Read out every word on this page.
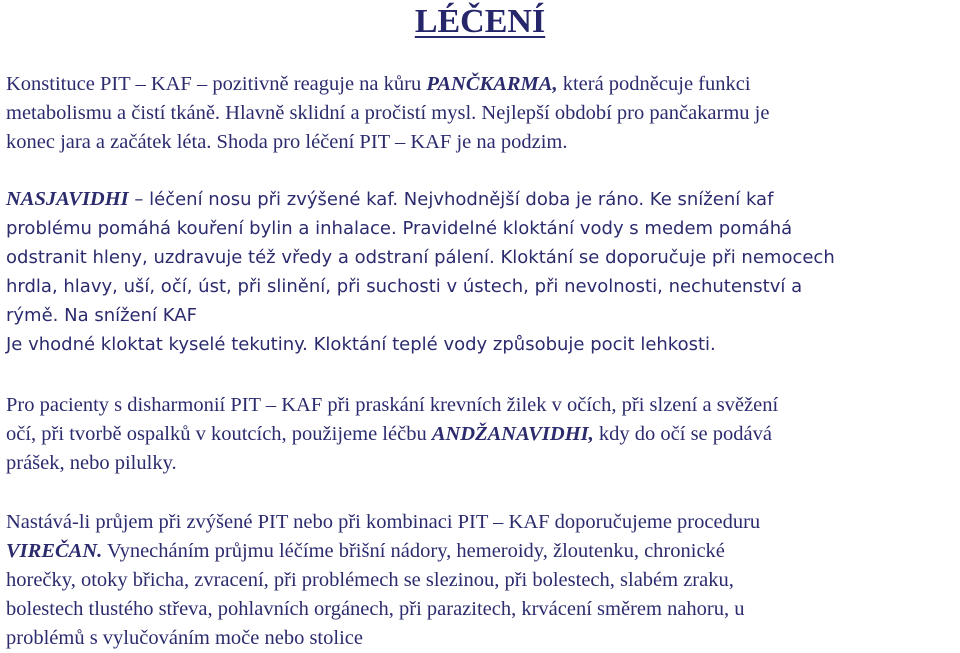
LÉČENÍ
Konstituce PIT – KAF – pozitivně reaguje na kůru PANČKARMA, která podněcuje funkci
metabolismu a čistí tkáně. Hlavně sklidní a pročistí mysl. Nejlepší období pro pančakarmu je
konec jara a začátek léta. Shoda pro léčení PIT – KAF je na podzim.
NASJAVIDHI – léčení nosu při zvýšené kaf. Nejvhodnější doba je ráno. Ke snížení kaf
problému pomáhá kouření bylin a inhalace. Pravidelné kloktání vody s medem pomáhá
odstranit hleny, uzdravuje též vředy a odstraní pálení. Kloktání se doporučuje při nemocech
hrdla, hlavy, uší, očí, úst, při slinění, při suchosti v ústech, při nevolnosti, nechutenství a
rýmě. Na snížení KAF
Je vhodné kloktat kyselé tekutiny. Kloktání teplé vody způsobuje pocit lehkosti.
Pro pacienty s disharmonií PIT – KAF při praskání krevních žilek v očích, při slzení a svěžení
očí, při tvorbě ospalků v koutcích, použijeme léčbu ANDŽANAVIDHI, kdy do očí se podává
prášek, nebo pilulky.
Nastává-li průjem při zvýšené PIT nebo při kombinaci PIT – KAF doporučujeme proceduru
VIREČAN. Vynecháním průjmu léčíme břišní nádory, hemeroidy, žloutenku, chronické
horečky, otoky břicha, zvracení, při problémech se slezinou, při bolestech, slabém zraku,
bolestech tlustého střeva, pohlavních orgánech, při parazitech, krvácení směrem nahoru, u
problémů s vylučováním moče nebo stolice
